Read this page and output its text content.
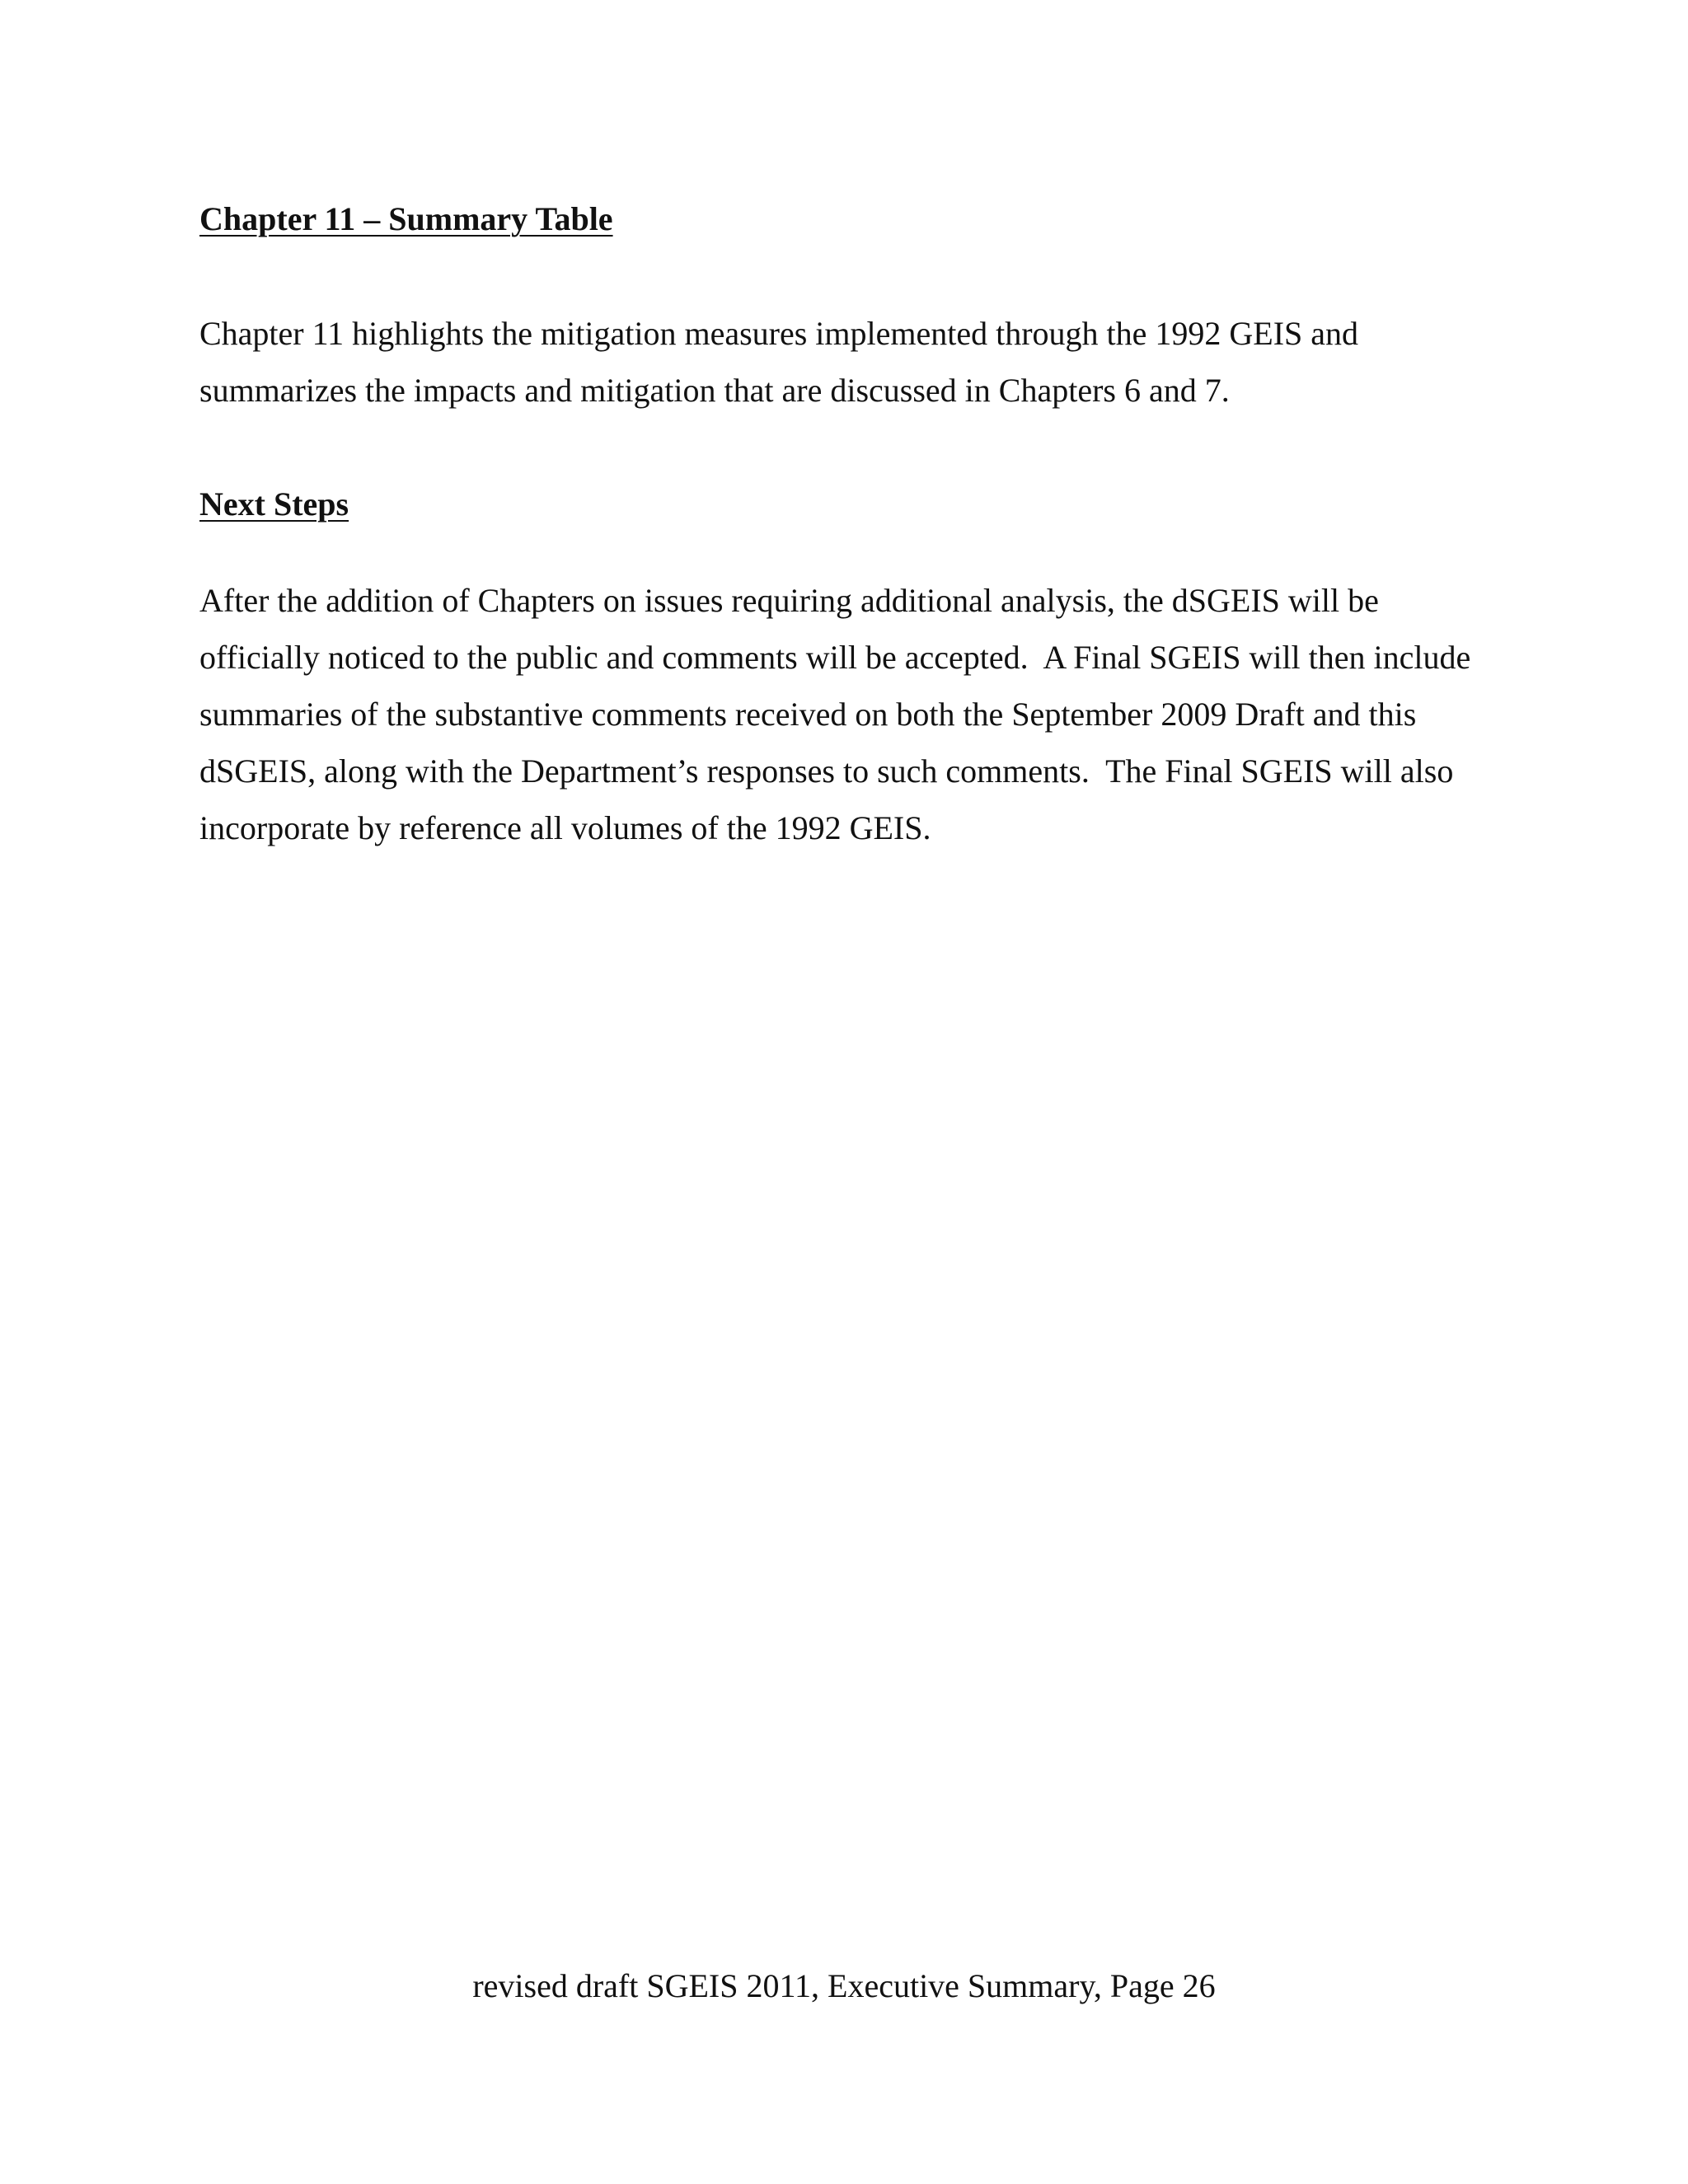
Chapter 11 – Summary Table

Chapter 11 highlights the mitigation measures implemented through the 1992 GEIS and summarizes the impacts and mitigation that are discussed in Chapters 6 and 7.

Next Steps

After the addition of Chapters on issues requiring additional analysis, the dSGEIS will be officially noticed to the public and comments will be accepted.  A Final SGEIS will then include summaries of the substantive comments received on both the September 2009 Draft and this dSGEIS, along with the Department’s responses to such comments.  The Final SGEIS will also incorporate by reference all volumes of the 1992 GEIS.

revised draft SGEIS 2011, Executive Summary, Page 26
